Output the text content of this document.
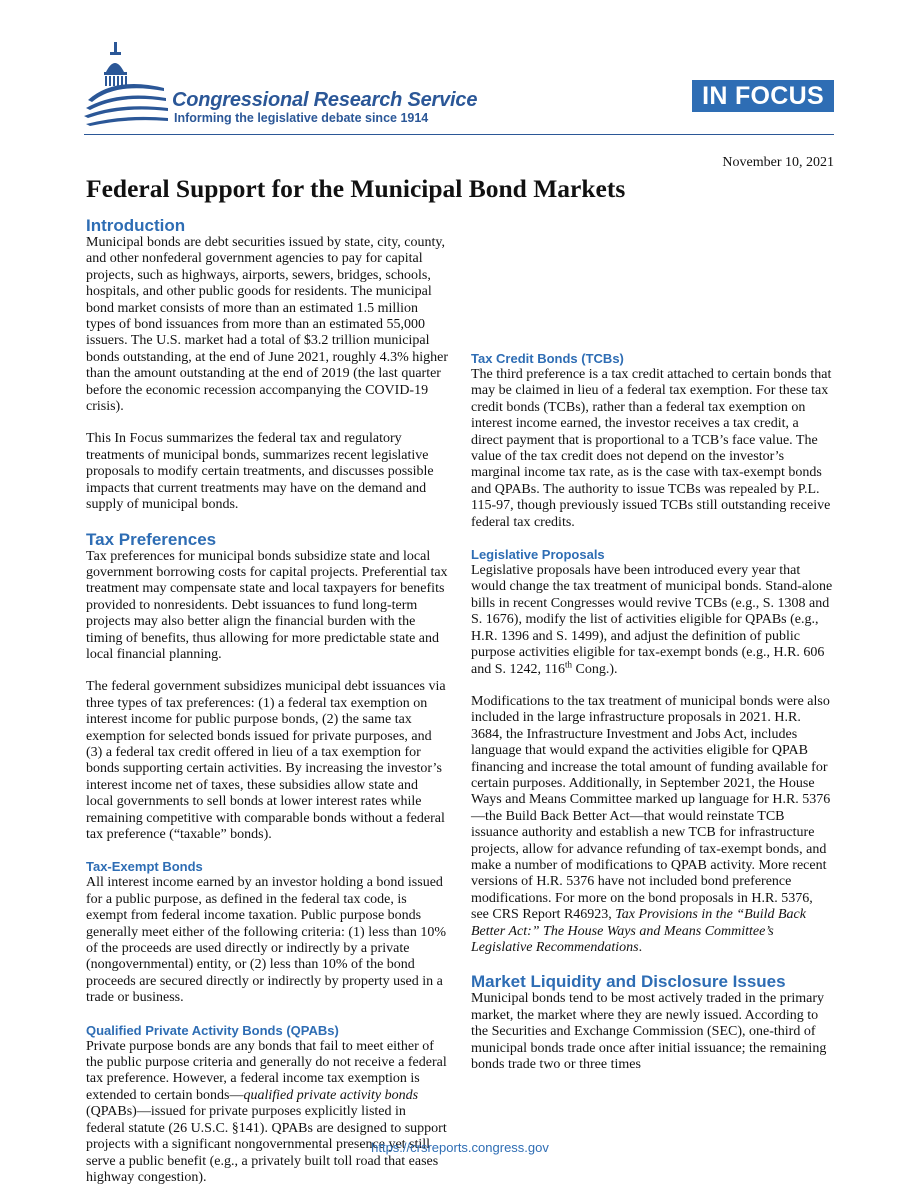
Congressional Research Service
Informing the legislative debate since 1914
IN FOCUS
November 10, 2021
Federal Support for the Municipal Bond Markets
Introduction

Municipal bonds are debt securities issued by state, city, county, and other nonfederal government agencies to pay for capital projects, such as highways, airports, sewers, bridges, schools, hospitals, and other public goods for residents. The municipal bond market consists of more than an estimated 1.5 million types of bond issuances from more than an estimated 55,000 issuers. The U.S. market had a total of $3.2 trillion municipal bonds outstanding, at the end of June 2021, roughly 4.3% higher than the amount outstanding at the end of 2019 (the last quarter before the economic recession accompanying the COVID-19 crisis).

This In Focus summarizes the federal tax and regulatory treatments of municipal bonds, summarizes recent legislative proposals to modify certain treatments, and discusses possible impacts that current treatments may have on the demand and supply of municipal bonds.

Tax Preferences

Tax preferences for municipal bonds subsidize state and local government borrowing costs for capital projects. Preferential tax treatment may compensate state and local taxpayers for benefits provided to nonresidents. Debt issuances to fund long-term projects may also better align the financial burden with the timing of benefits, thus allowing for more predictable state and local financial planning.

The federal government subsidizes municipal debt issuances via three types of tax preferences: (1) a federal tax exemption on interest income for public purpose bonds, (2) the same tax exemption for selected bonds issued for private purposes, and (3) a federal tax credit offered in lieu of a tax exemption for bonds supporting certain activities. By increasing the investor’s interest income net of taxes, these subsidies allow state and local governments to sell bonds at lower interest rates while remaining competitive with comparable bonds without a federal tax preference (“taxable” bonds).

Tax-Exempt Bonds

All interest income earned by an investor holding a bond issued for a public purpose, as defined in the federal tax code, is exempt from federal income taxation. Public purpose bonds generally meet either of the following criteria: (1) less than 10% of the proceeds are used directly or indirectly by a private (nongovernmental) entity, or (2) less than 10% of the bond proceeds are secured directly or indirectly by property used in a trade or business.

Qualified Private Activity Bonds (QPABs)

Private purpose bonds are any bonds that fail to meet either of the public purpose criteria and generally do not receive a federal tax preference. However, a federal income tax exemption is extended to certain bonds—qualified private activity bonds (QPABs)—issued for private purposes explicitly listed in federal statute (26 U.S.C. §141). QPABs are designed to support projects with a significant nongovernmental presence yet still serve a public benefit (e.g., a privately built toll road that eases highway congestion).

Tax Credit Bonds (TCBs)

The third preference is a tax credit attached to certain bonds that may be claimed in lieu of a federal tax exemption. For these tax credit bonds (TCBs), rather than a federal tax exemption on interest income earned, the investor receives a tax credit, a direct payment that is proportional to a TCB’s face value. The value of the tax credit does not depend on the investor’s marginal income tax rate, as is the case with tax-exempt bonds and QPABs. The authority to issue TCBs was repealed by P.L. 115-97, though previously issued TCBs still outstanding receive federal tax credits.

Legislative Proposals

Legislative proposals have been introduced every year that would change the tax treatment of municipal bonds. Stand-alone bills in recent Congresses would revive TCBs (e.g., S. 1308 and S. 1676), modify the list of activities eligible for QPABs (e.g., H.R. 1396 and S. 1499), and adjust the definition of public purpose activities eligible for tax-exempt bonds (e.g., H.R. 606 and S. 1242, 116th Cong.).

Modifications to the tax treatment of municipal bonds were also included in the large infrastructure proposals in 2021. H.R. 3684, the Infrastructure Investment and Jobs Act, includes language that would expand the activities eligible for QPAB financing and increase the total amount of funding available for certain purposes. Additionally, in September 2021, the House Ways and Means Committee marked up language for H.R. 5376—the Build Back Better Act—that would reinstate TCB issuance authority and establish a new TCB for infrastructure projects, allow for advance refunding of tax-exempt bonds, and make a number of modifications to QPAB activity. More recent versions of H.R. 5376 have not included bond preference modifications. For more on the bond proposals in H.R. 5376, see CRS Report R46923, Tax Provisions in the “Build Back Better Act:” The House Ways and Means Committee’s Legislative Recommendations.

Market Liquidity and Disclosure Issues

Municipal bonds tend to be most actively traded in the primary market, the market where they are newly issued. According to the Securities and Exchange Commission (SEC), one-third of municipal bonds trade once after initial issuance; the remaining bonds trade two or three times

https://crsreports.congress.gov
